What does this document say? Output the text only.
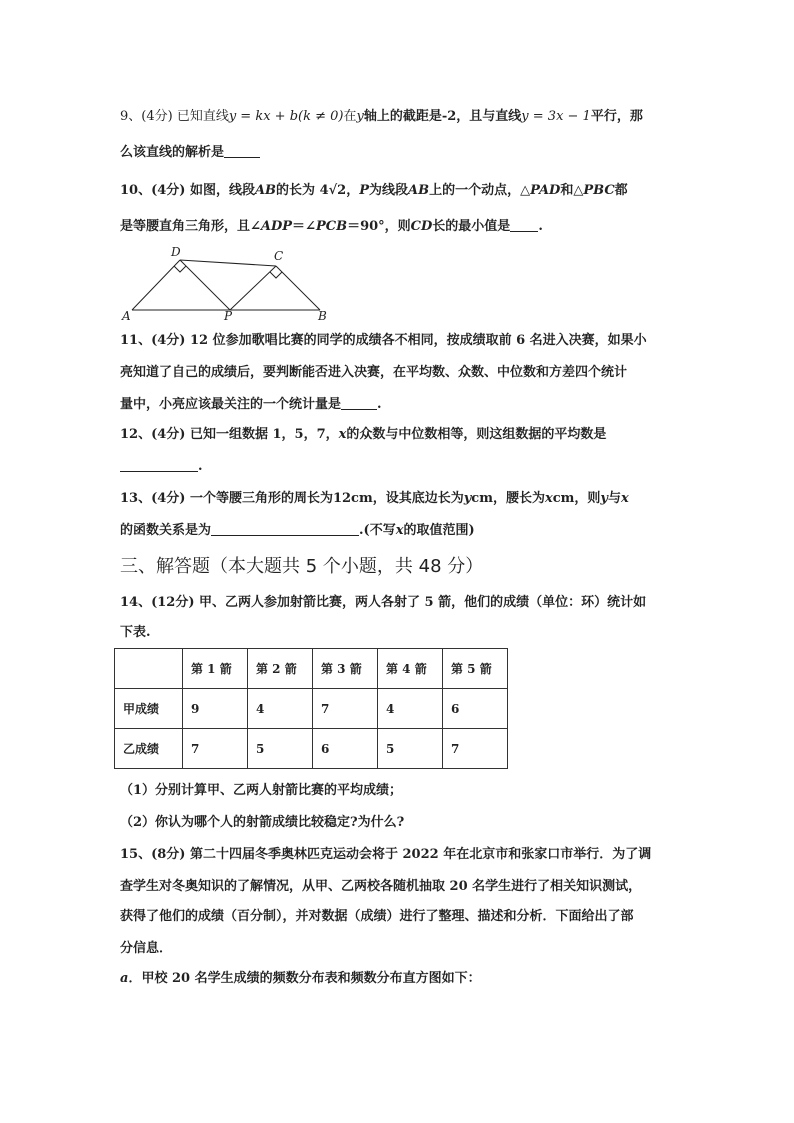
9、(4分) 已知直线y = kx + b(k ≠ 0)在y轴上的截距是-2，且与直线y = 3x − 1平行，那
么该直线的解析是
10、(4分) 如图，线段AB的长为 4√2，P为线段AB上的一个动点，△PAD和△PBC都
是等腰直角三角形，且∠ADP＝∠PCB＝90°，则CD长的最小值是 .
D	C
A	P	B
11、(4分) 12 位参加歌唱比赛的同学的成绩各不相同，按成绩取前 6 名进入决赛，如果小
亮知道了自己的成绩后，要判断能否进入决赛，在平均数、众数、中位数和方差四个统计
量中，小亮应该最关注的一个统计量是	.
12、(4分) 已知一组数据 1，5，7，x的众数与中位数相等，则这组数据的平均数是
.
13、(4分) 一个等腰三角形的周长为12cm，设其底边长为ycm，腰长为xcm，则y与x
的函数关系是为	.(不写x的取值范围)
三、解答题（本大题共 5 个小题，共 48 分）
14、(12分) 甲、乙两人参加射箭比赛，两人各射了 5 箭，他们的成绩（单位：环）统计如
下表.
	第 1 箭	第 2 箭	第 3 箭	第 4 箭	第 5 箭
甲成绩	9	4	7	4	6
乙成绩	7	5	6	5	7
（1）分别计算甲、乙两人射箭比赛的平均成绩；
（2）你认为哪个人的射箭成绩比较稳定?为什么?
15、(8分) 第二十四届冬季奥林匹克运动会将于 2022 年在北京市和张家口市举行．为了调
查学生对冬奥知识的了解情况，从甲、乙两校各随机抽取 20 名学生进行了相关知识测试，
获得了他们的成绩（百分制），并对数据（成绩）进行了整理、描述和分析．下面给出了部
分信息．
a．甲校 20 名学生成绩的频数分布表和频数分布直方图如下：
